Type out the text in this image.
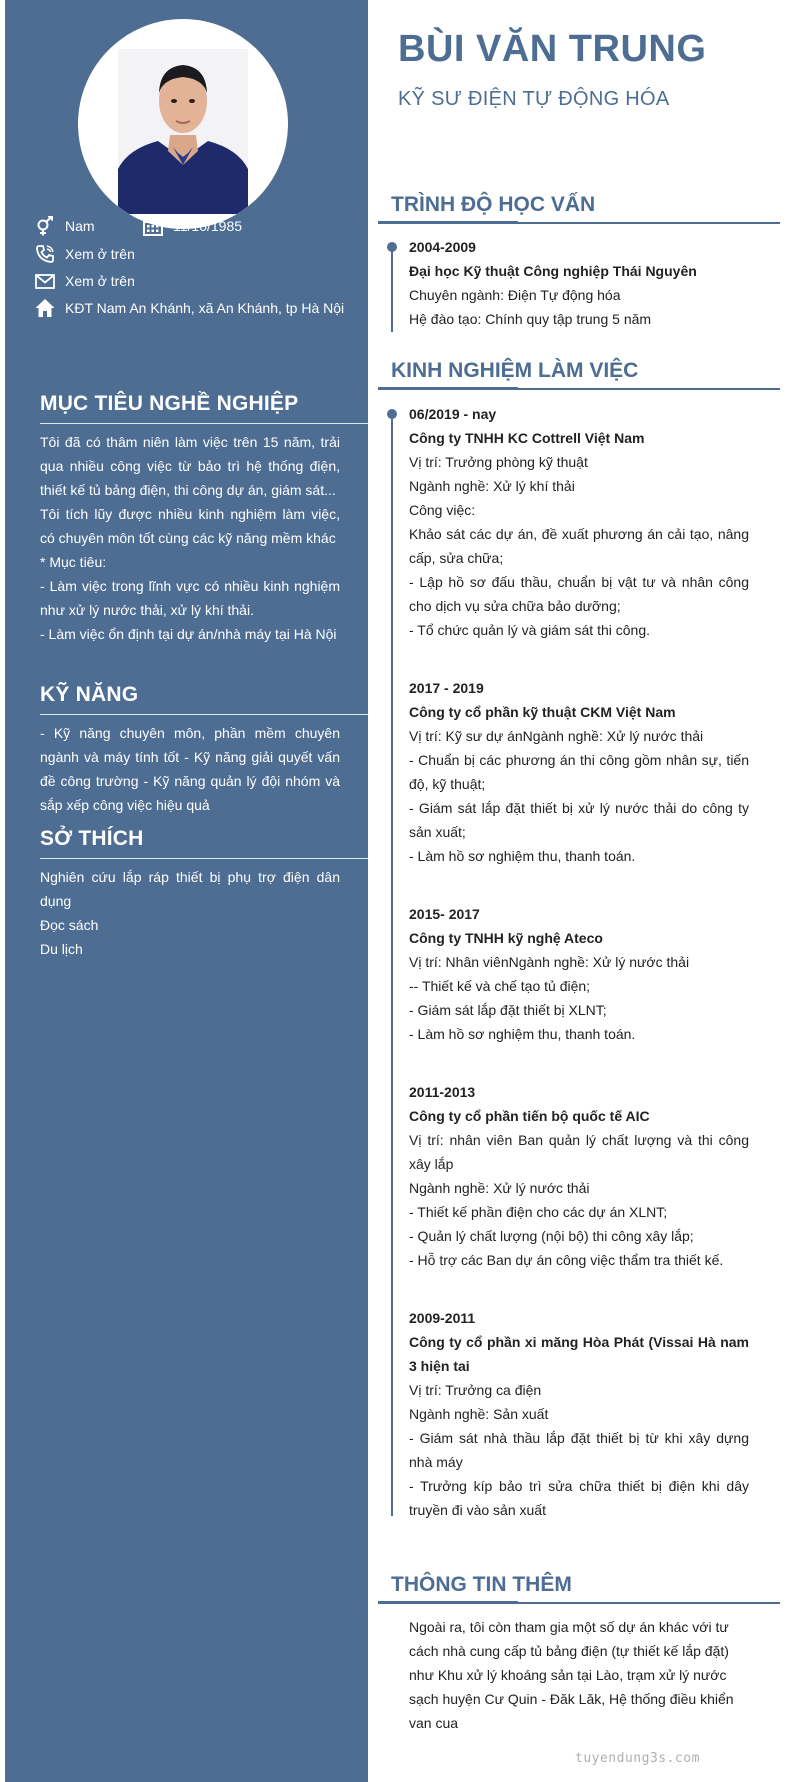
Nam	11/10/1985
Xem ở trên
Xem ở trên
KĐT Nam An Khánh, xã An Khánh, tp Hà Nội
MỤC TIÊU NGHỀ NGHIỆP
Tôi đã có thâm niên làm việc trên 15 năm, trải qua nhiều công việc từ bảo trì hệ thống điện, thiết kế tủ bảng điện, thi công dự án, giám sát...
Tôi tích lũy được nhiều kinh nghiệm làm việc, có chuyên môn tốt cùng các kỹ năng mềm khác
* Mục tiêu:
- Làm việc trong lĩnh vực có nhiều kinh nghiệm như xử lý nước thải, xử lý khí thải.
- Làm việc ổn định tại dự án/nhà máy tại Hà Nội
KỸ NĂNG
- Kỹ năng chuyên môn, phần mềm chuyên ngành và máy tính tốt - Kỹ năng giải quyết vấn đề công trường - Kỹ năng quản lý đội nhóm và sắp xếp công việc hiệu quả
SỞ THÍCH
Nghiên cứu lắp ráp thiết bị phụ trợ điện dân dụng
Đọc sách
Du lịch
BÙI VĂN TRUNG
KỸ SƯ ĐIỆN TỰ ĐỘNG HÓA
TRÌNH ĐỘ HỌC VẤN
2004-2009
Đại học Kỹ thuật Công nghiệp Thái Nguyên
Chuyên ngành: Điện Tự động hóa
Hệ đào tạo: Chính quy tập trung 5 năm
KINH NGHIỆM LÀM VIỆC
06/2019 - nay
Công ty TNHH KC Cottrell Việt Nam
Vị trí: Trưởng phòng kỹ thuật
Ngành nghề: Xử lý khí thải
Công việc:
Khảo sát các dự án, đề xuất phương án cải tạo, nâng cấp, sửa chữa;
- Lập hồ sơ đấu thầu, chuẩn bị vật tư và nhân công cho dịch vụ sửa chữa bảo dưỡng;
- Tổ chức quản lý và giám sát thi công.
2017 - 2019
Công ty cổ phần kỹ thuật CKM Việt Nam
Vị trí: Kỹ sư dự ánNgành nghề: Xử lý nước thải
- Chuẩn bị các phương án thi công gồm nhân sự, tiến độ, kỹ thuật;
- Giám sát lắp đặt thiết bị xử lý nước thải do công ty sản xuất;
- Làm hồ sơ nghiệm thu, thanh toán.
2015- 2017
Công ty TNHH kỹ nghệ Ateco
Vị trí: Nhân viênNgành nghề: Xử lý nước thải
-- Thiết kế và chế tạo tủ điện;
- Giám sát lắp đặt thiết bị XLNT;
- Làm hồ sơ nghiệm thu, thanh toán.
2011-2013
Công ty cổ phần tiến bộ quốc tế AIC
Vị trí: nhân viên Ban quản lý chất lượng và thi công xây lắp
Ngành nghề: Xử lý nước thải
- Thiết kế phần điện cho các dự án XLNT;
- Quản lý chất lượng (nội bộ) thi công xây lắp;
- Hỗ trợ các Ban dự án công việc thẩm tra thiết kế.
2009-2011
Công ty cổ phần xi măng Hòa Phát (Vissai Hà nam 3 hiện tai
Vị trí: Trưởng ca điện
Ngành nghề: Sản xuất
- Giám sát nhà thầu lắp đặt thiết bị từ khi xây dựng nhà máy
- Trưởng kíp bảo trì sửa chữa thiết bị điện khi dây truyền đi vào sản xuất
THÔNG TIN THÊM
Ngoài ra, tôi còn tham gia một số dự án khác với tư cách nhà cung cấp tủ bảng điện (tự thiết kế lắp đặt) như Khu xử lý khoáng sản tại Lào, trạm xử lý nước sạch huyện Cư Quin - Đăk Lăk, Hệ thống điều khiển van cua
tuyendung3s.com
